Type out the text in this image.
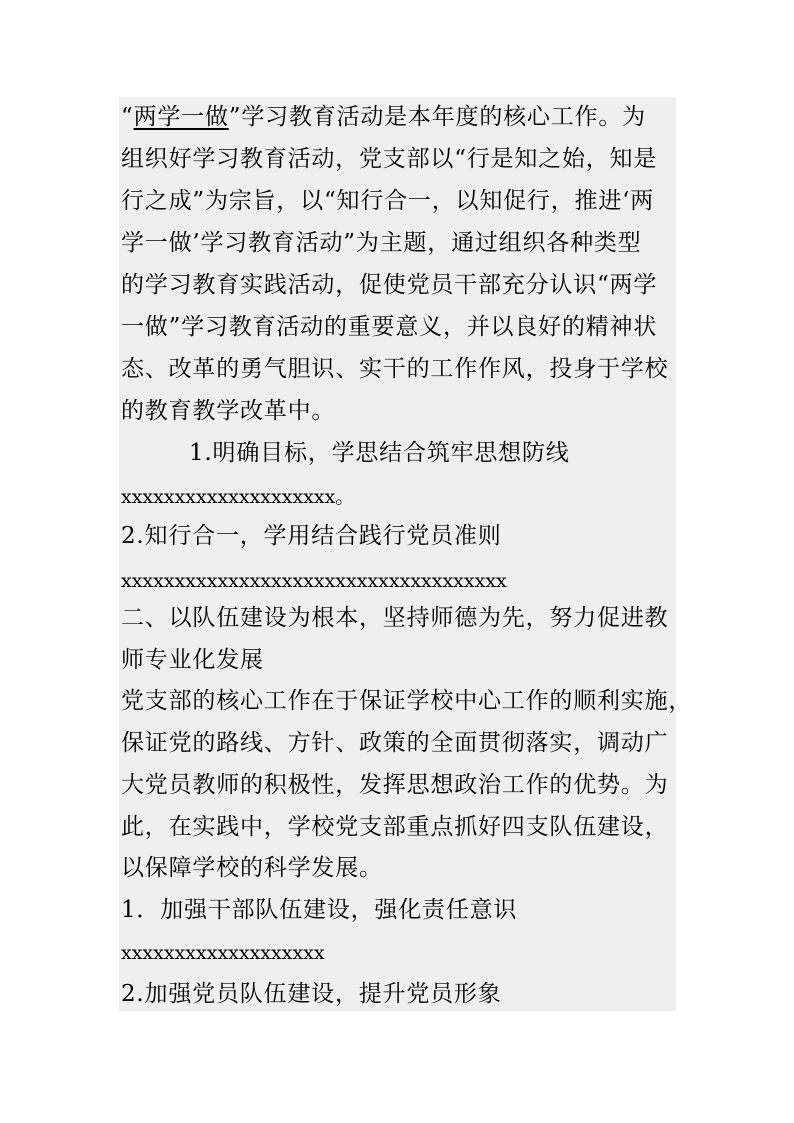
“两学一做”学习教育活动是本年度的核心工作。为
组织好学习教育活动，党支部以“行是知之始，知是
行之成”为宗旨，以“知行合一，以知促行，推进‘两
学一做’学习教育活动”为主题，通过组织各种类型
的学习教育实践活动，促使党员干部充分认识“两学
一做”学习教育活动的重要意义，并以良好的精神状
态、改革的勇气胆识、实干的工作作风，投身于学校
的教育教学改革中。
1.明确目标，学思结合筑牢思想防线
xxxxxxxxxxxxxxxxxxxx。
2.知行合一，学用结合践行党员准则
xxxxxxxxxxxxxxxxxxxxxxxxxxxxxxxxxxxx
二、以队伍建设为根本，坚持师德为先，努力促进教
师专业化发展
党支部的核心工作在于保证学校中心工作的顺利实施，
保证党的路线、方针、政策的全面贯彻落实，调动广
大党员教师的积极性，发挥思想政治工作的优势。为
此，在实践中，学校党支部重点抓好四支队伍建设，
以保障学校的科学发展。
1．加强干部队伍建设，强化责任意识
xxxxxxxxxxxxxxxxxxx
2.加强党员队伍建设，提升党员形象
